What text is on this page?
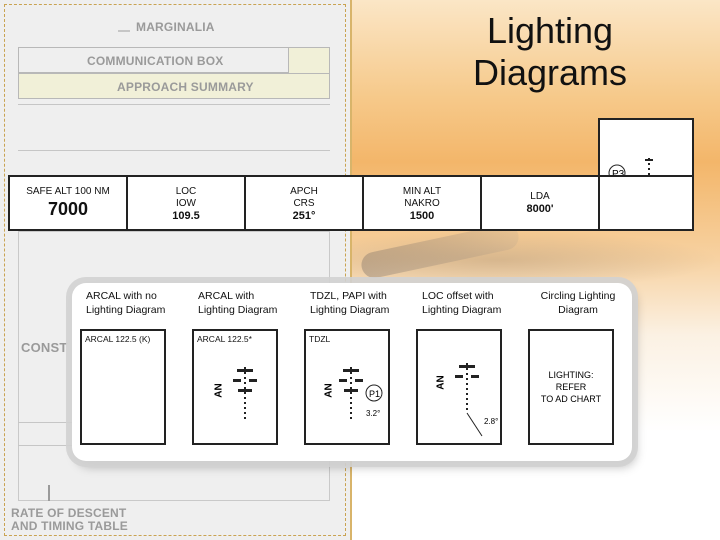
MARGINALIA
COMMUNICATION BOX
APPROACH SUMMARY
CONST
RATE OF DESCENT
AND TIMING TABLE
Lighting
Diagrams
SAFE ALT 100 NM
7000
LOC
IOW
109.5
APCH
CRS
251°
MIN ALT
NAKRO
1500
LDA
8000'
ARCAL with no
Lighting Diagram
ARCAL 122.5 (K)
ARCAL with
Lighting Diagram
ARCAL 122.5*
AN
TDZL, PAPI with
Lighting Diagram
TDZL
AN	P1
3.2°
LOC offset with
Lighting Diagram
AN
2.8°
Circling Lighting
Diagram
LIGHTING:
REFER
TO AD CHART
